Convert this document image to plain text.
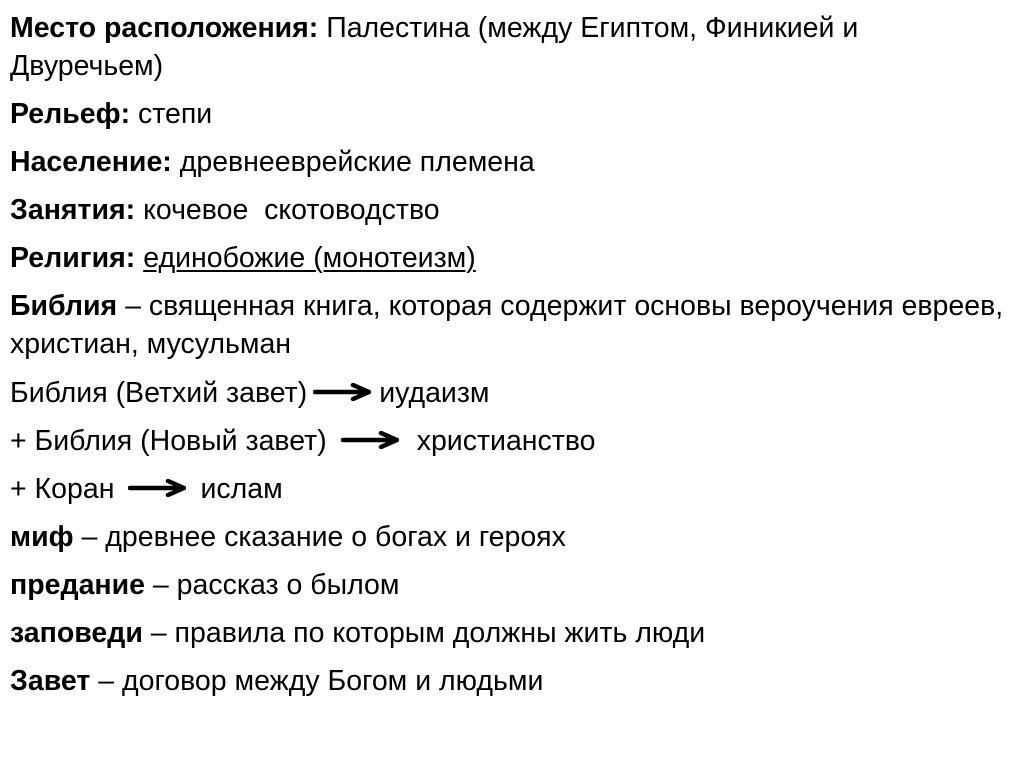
Место расположения: Палестина (между Египтом, Финикией и Двуречьем)
Рельеф: степи
Население: древнееврейские племена
Занятия: кочевое  скотоводство
Религия: единобожие (монотеизм)
Библия – священная книга, которая содержит основы вероучения евреев, христиан, мусульман
Библия (Ветхий завет)	иудаизм
+ Библия (Новый завет)	христианство
+ Коран	ислам
миф – древнее сказание о богах и героях
предание – рассказ о былом
заповеди – правила по которым должны жить люди
Завет – договор между Богом и людьми
